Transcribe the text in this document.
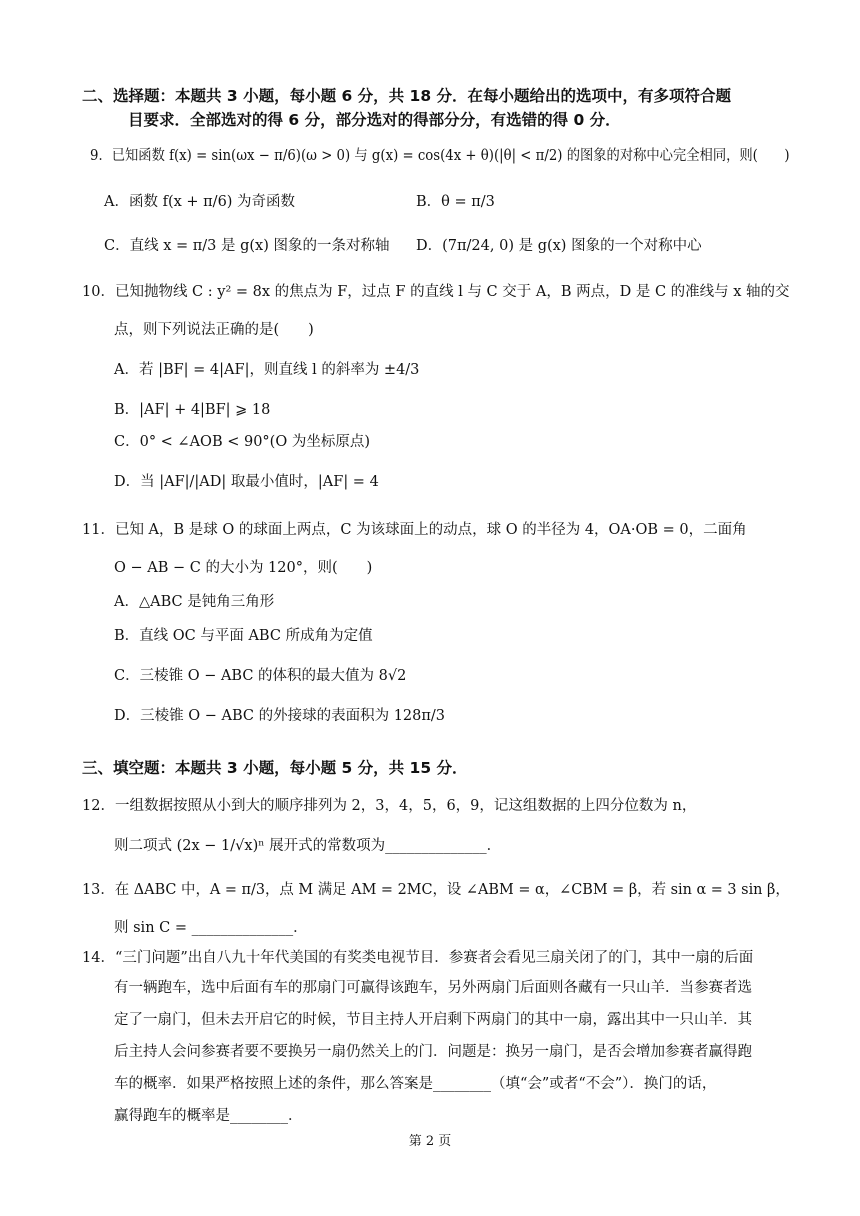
二、选择题：本题共 3 小题，每小题 6 分，共 18 分．在每小题给出的选项中，有多项符合题
目要求．全部选对的得 6 分，部分选对的得部分分，有选错的得 0 分．
9．已知函数 f(x) = sin(ωx − π/6)(ω > 0) 与 g(x) = cos(4x + θ)(|θ| < π/2) 的图象的对称中心完全相同，则(　　)
A．函数 f(x + π/6) 为奇函数	B．θ = π/3
C．直线 x = π/3 是 g(x) 图象的一条对称轴 D．(7π/24, 0) 是 g(x) 图象的一个对称中心
10．已知抛物线 C : y² = 8x 的焦点为 F，过点 F 的直线 l 与 C 交于 A，B 两点，D 是 C 的准线与 x 轴的交
点，则下列说法正确的是(　　)
A．若 |BF| = 4|AF|，则直线 l 的斜率为 ±4/3
B．|AF| + 4|BF| ⩾ 18
C．0° < ∠AOB < 90°(O 为坐标原点)
D．当 |AF|/|AD| 取最小值时，|AF| = 4
11．已知 A，B 是球 O 的球面上两点，C 为该球面上的动点，球 O 的半径为 4，OA·OB = 0，二面角
O − AB − C 的大小为 120°，则(　　)
A．△ABC 是钝角三角形
B．直线 OC 与平面 ABC 所成角为定值
C．三棱锥 O − ABC 的体积的最大值为 8√2
D．三棱锥 O − ABC 的外接球的表面积为 128π/3
三、填空题：本题共 3 小题，每小题 5 分，共 15 分．
12．一组数据按照从小到大的顺序排列为 2，3，4，5，6，9，记这组数据的上四分位数为 n，
则二项式 (2x − 1/√x)ⁿ 展开式的常数项为______________．
13．在 ΔABC 中，A = π/3，点 M 满足 AM = 2MC，设 ∠ABM = α，∠CBM = β，若 sin α = 3 sin β，
则 sin C = ______________．
14．“三门问题”出自八九十年代美国的有奖类电视节目．参赛者会看见三扇关闭了的门，其中一扇的后面
有一辆跑车，选中后面有车的那扇门可赢得该跑车，另外两扇门后面则各藏有一只山羊．当参赛者选
定了一扇门，但未去开启它的时候，节目主持人开启剩下两扇门的其中一扇，露出其中一只山羊．其
后主持人会问参赛者要不要换另一扇仍然关上的门．问题是：换另一扇门，是否会增加参赛者赢得跑
车的概率．如果严格按照上述的条件，那么答案是________（填“会”或者“不会”）．换门的话，
赢得跑车的概率是________．
第 2 页
